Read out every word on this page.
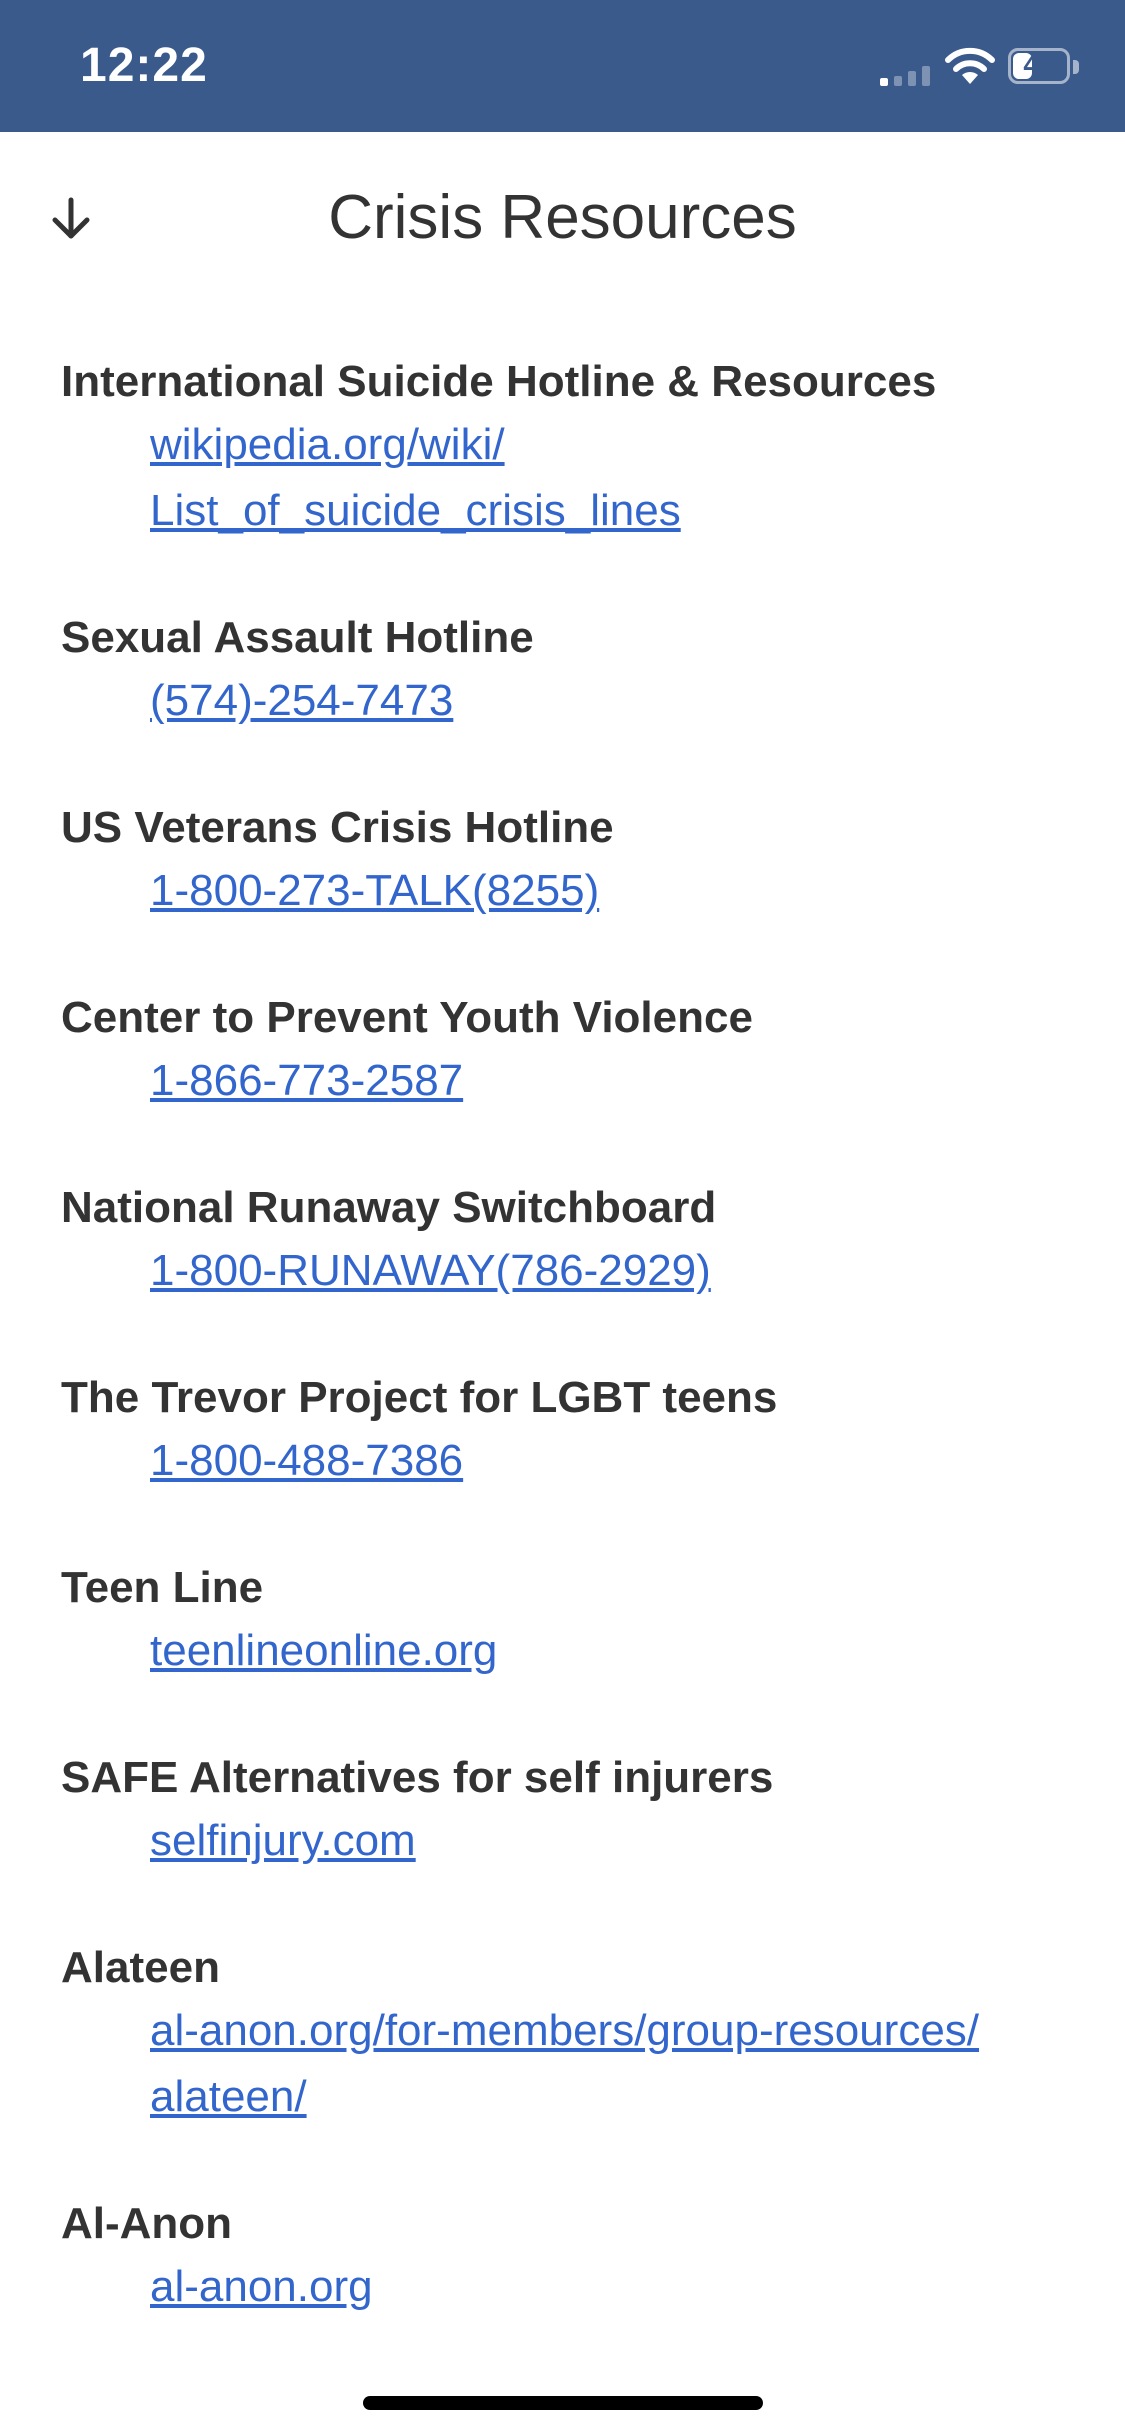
12:22	41
Crisis Resources
International Suicide Hotline & Resources
wikipedia.org/wiki/
List_of_suicide_crisis_lines
Sexual Assault Hotline
(574)-254-7473
US Veterans Crisis Hotline
1-800-273-TALK(8255)
Center to Prevent Youth Violence
1-866-773-2587
National Runaway Switchboard
1-800-RUNAWAY(786-2929)
The Trevor Project for LGBT teens
1-800-488-7386
Teen Line
teenlineonline.org
SAFE Alternatives for self injurers
selfinjury.com
Alateen
al-anon.org/for-members/group-resources/
alateen/
Al-Anon
al-anon.org
